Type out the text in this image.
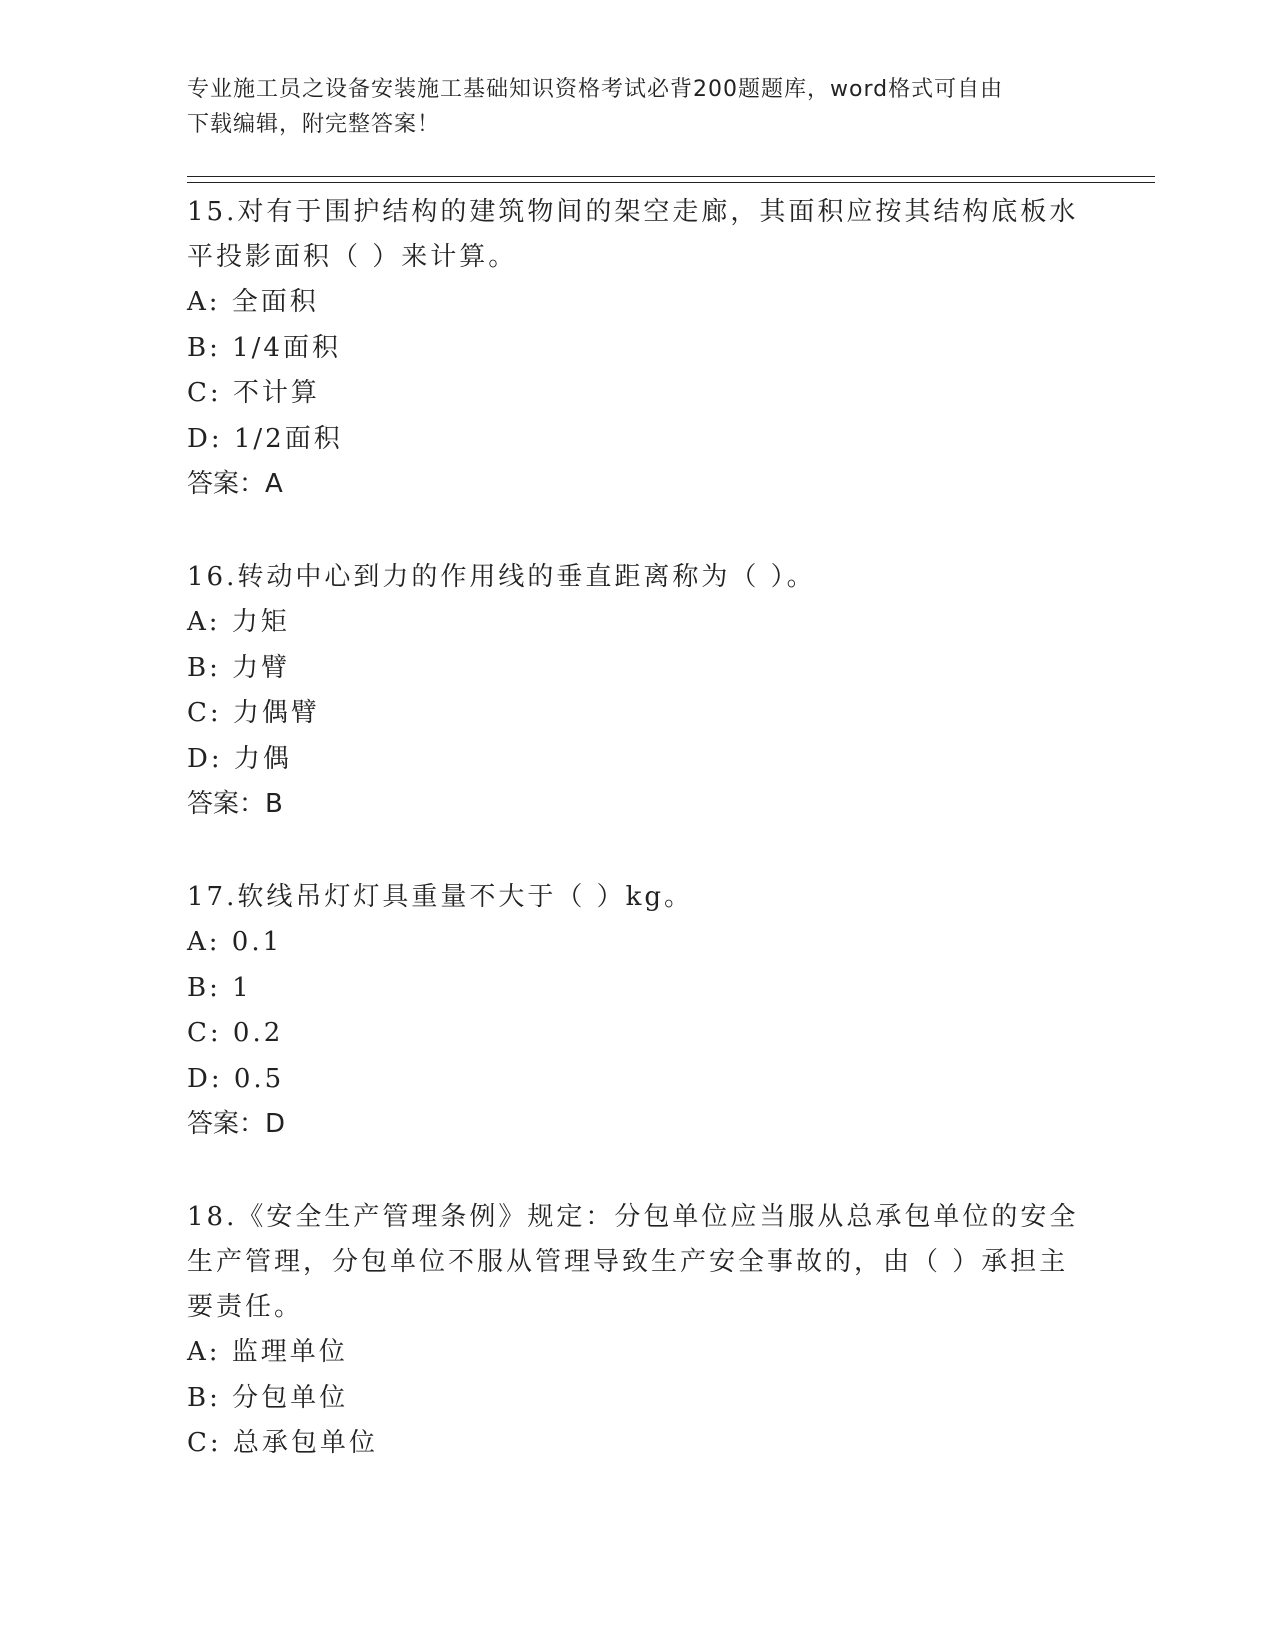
专业施工员之设备安装施工基础知识资格考试必背200题题库，word格式可自由
下载编辑，附完整答案！

15.对有于围护结构的建筑物间的架空走廊，其面积应按其结构底板水
平投影面积（ ）来计算。

A: 全面积

B: 1/4面积

C: 不计算

D: 1/2面积

答案：A

16.转动中心到力的作用线的垂直距离称为（ ）。

A: 力矩

B: 力臂

C: 力偶臂

D: 力偶

答案：B

17.软线吊灯灯具重量不大于（ ）kg。

A: 0.1

B: 1

C: 0.2

D: 0.5

答案：D

18.《安全生产管理条例》规定：分包单位应当服从总承包单位的安全
生产管理，分包单位不服从管理导致生产安全事故的，由（ ）承担主
要责任。

A: 监理单位

B: 分包单位

C: 总承包单位
